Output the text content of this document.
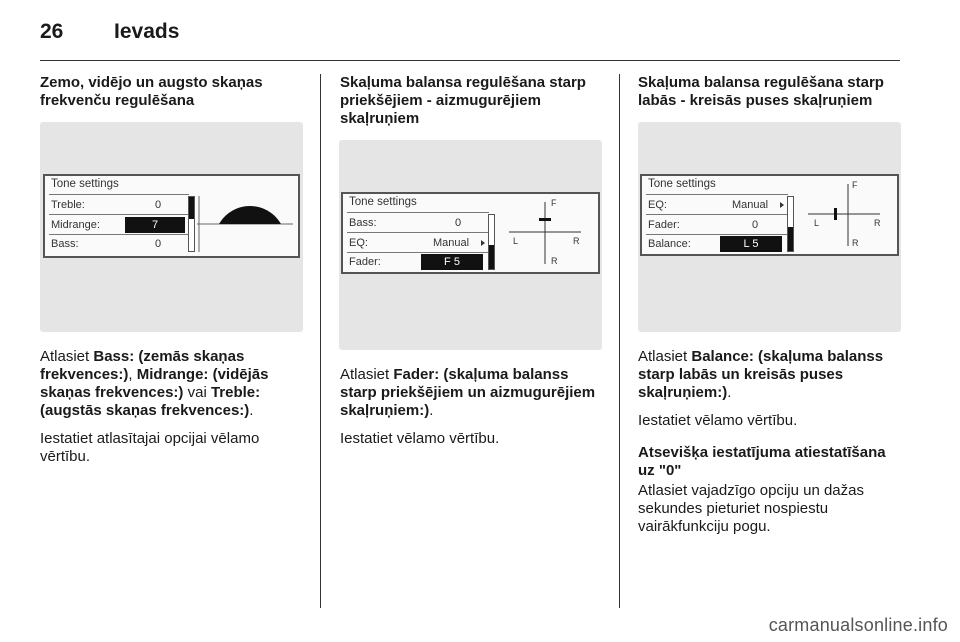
26 Ievads

Zemo, vidējo un augsto skaņas frekvenču regulēšana

Tone settings
Treble:	0
Midrange:	7
Bass:	0

Atlasiet Bass: (zemās skaņas frekvences:), Midrange: (vidējās skaņas frekvences:) vai Treble: (augstās skaņas frekvences:).

Iestatiet atlasītajai opcijai vēlamo vērtību.

Skaļuma balansa regulēšana starp priekšējiem - aizmugurējiem skaļruņiem

Tone settings
Bass:	0
EQ:	Manual
Fader:	F 5
F
R
L	R

Atlasiet Fader: (skaļuma balanss starp priekšējiem un aizmugurējiem skaļruņiem:).

Iestatiet vēlamo vērtību.

Skaļuma balansa regulēšana starp labās - kreisās puses skaļruņiem

Tone settings
EQ:	Manual
Fader:	0
Balance:	L 5
F
R
L	R

Atlasiet Balance: (skaļuma balanss starp labās un kreisās puses skaļruņiem:).

Iestatiet vēlamo vērtību.

Atsevišķa iestatījuma atiestatīšana uz "0"

Atlasiet vajadzīgo opciju un dažas sekundes pieturiet nospiestu vairākfunkciju pogu.

carmanualsonline.info
